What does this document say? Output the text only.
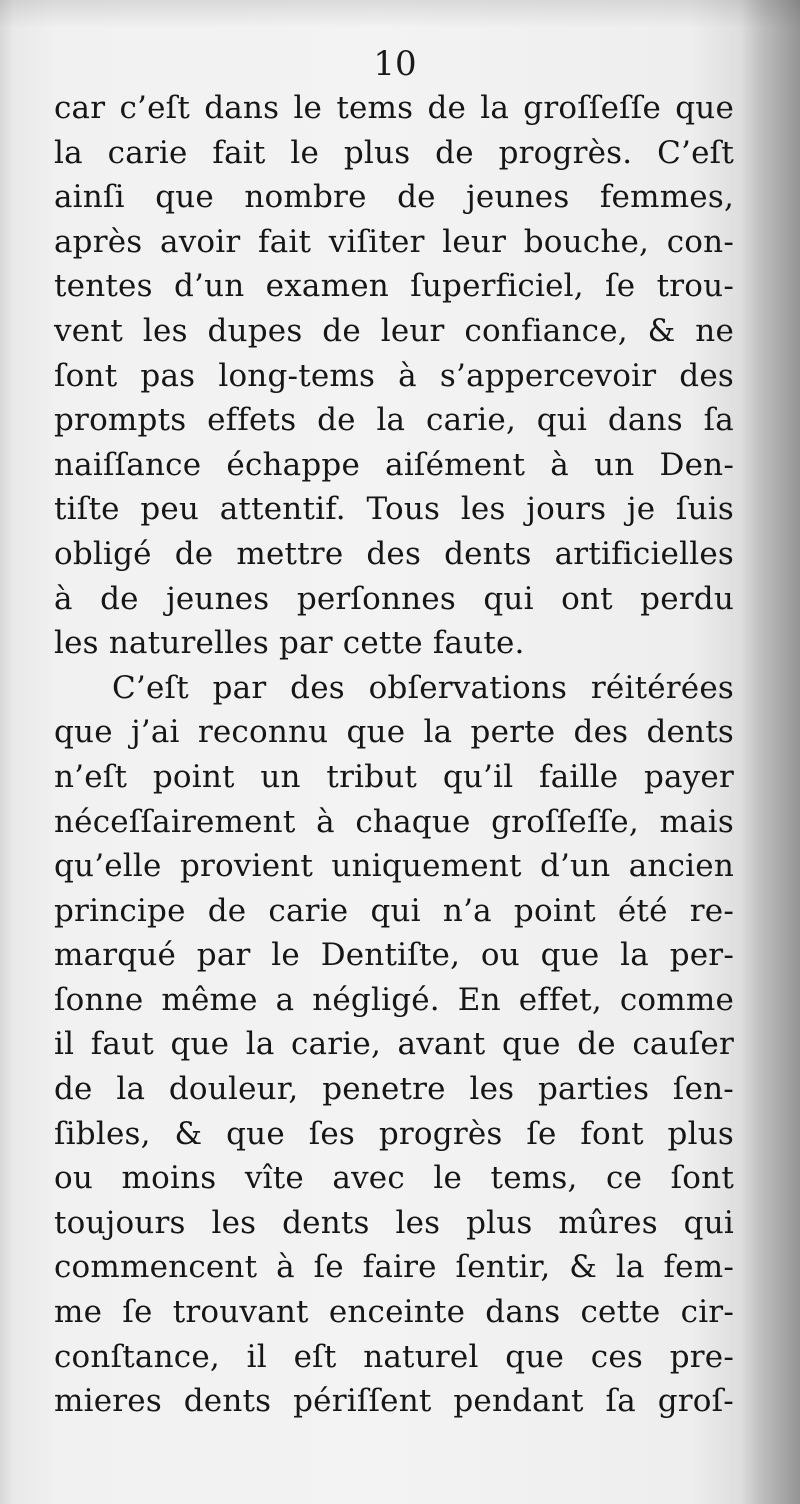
10
car c’eſt dans le tems de la groſſeſſe que
la carie fait le plus de progrès. C’eſt
ainſi que nombre de jeunes femmes,
après avoir fait viſiter leur bouche, con-
tentes d’un examen ſuperficiel, ſe trou-
vent les dupes de leur confiance, & ne
ſont pas long-tems à s’appercevoir des
prompts effets de la carie, qui dans ſa
naiſſance échappe aiſément à un Den-
tiſte peu attentif. Tous les jours je ſuis
obligé de mettre des dents artificielles
à de jeunes perſonnes qui ont perdu
les naturelles par cette faute.
C’eſt par des obſervations réitérées
que j’ai reconnu que la perte des dents
n’eſt point un tribut qu’il faille payer
néceſſairement à chaque groſſeſſe, mais
qu’elle provient uniquement d’un ancien
principe de carie qui n’a point été re-
marqué par le Dentiſte, ou que la per-
ſonne même a négligé. En effet, comme
il faut que la carie, avant que de cauſer
de la douleur, penetre les parties ſen-
ſibles, & que ſes progrès ſe font plus
ou moins vîte avec le tems, ce ſont
toujours les dents les plus mûres qui
commencent à ſe faire ſentir, & la fem-
me ſe trouvant enceinte dans cette cir-
conſtance, il eſt naturel que ces pre-
mieres dents périſſent pendant ſa groſ-
